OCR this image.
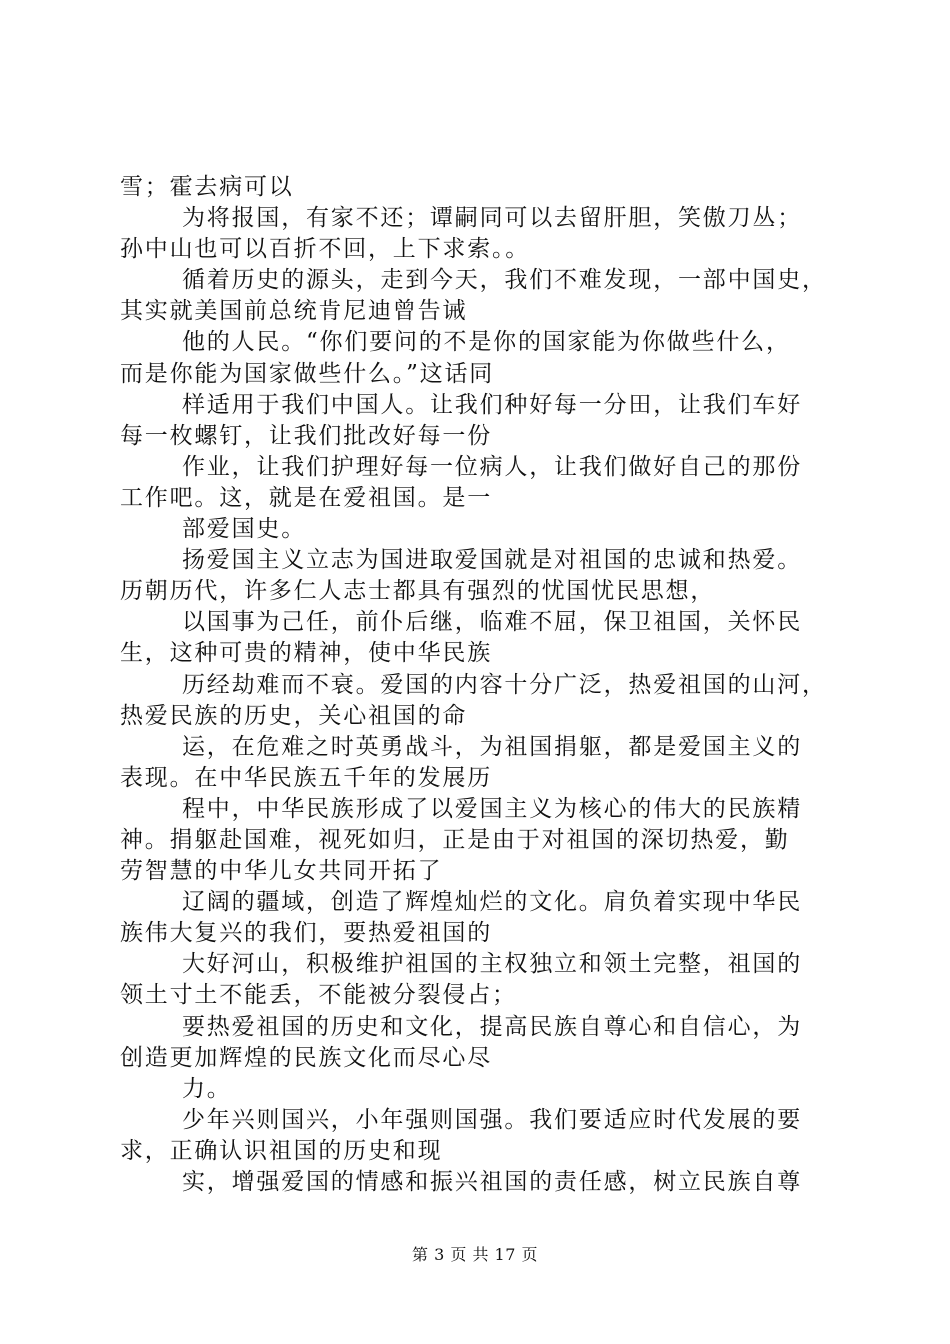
雪；霍去病可以
为将报国，有家不还；谭嗣同可以去留肝胆，笑傲刀丛；
孙中山也可以百折不回，上下求索。。
循着历史的源头，走到今天，我们不难发现，一部中国史，
其实就美国前总统肯尼迪曾告诫
他的人民。“你们要问的不是你的国家能为你做些什么，
而是你能为国家做些什么。”这话同
样适用于我们中国人。让我们种好每一分田，让我们车好
每一枚螺钉，让我们批改好每一份
作业，让我们护理好每一位病人，让我们做好自己的那份
工作吧。这，就是在爱祖国。是一
部爱国史。
扬爱国主义立志为国进取爱国就是对祖国的忠诚和热爱。
历朝历代，许多仁人志士都具有强烈的忧国忧民思想，
以国事为己任，前仆后继，临难不屈，保卫祖国，关怀民
生，这种可贵的精神，使中华民族
历经劫难而不衰。爱国的内容十分广泛，热爱祖国的山河，
热爱民族的历史，关心祖国的命
运，在危难之时英勇战斗，为祖国捐躯，都是爱国主义的
表现。在中华民族五千年的发展历
程中，中华民族形成了以爱国主义为核心的伟大的民族精
神。捐躯赴国难，视死如归，正是由于对祖国的深切热爱，勤
劳智慧的中华儿女共同开拓了
辽阔的疆域，创造了辉煌灿烂的文化。肩负着实现中华民
族伟大复兴的我们，要热爱祖国的
大好河山，积极维护祖国的主权独立和领土完整，祖国的
领土寸土不能丢，不能被分裂侵占；
要热爱祖国的历史和文化，提高民族自尊心和自信心，为
创造更加辉煌的民族文化而尽心尽
力。
少年兴则国兴，小年强则国强。我们要适应时代发展的要
求，正确认识祖国的历史和现
实，增强爱国的情感和振兴祖国的责任感，树立民族自尊
第 3 页 共 17 页
